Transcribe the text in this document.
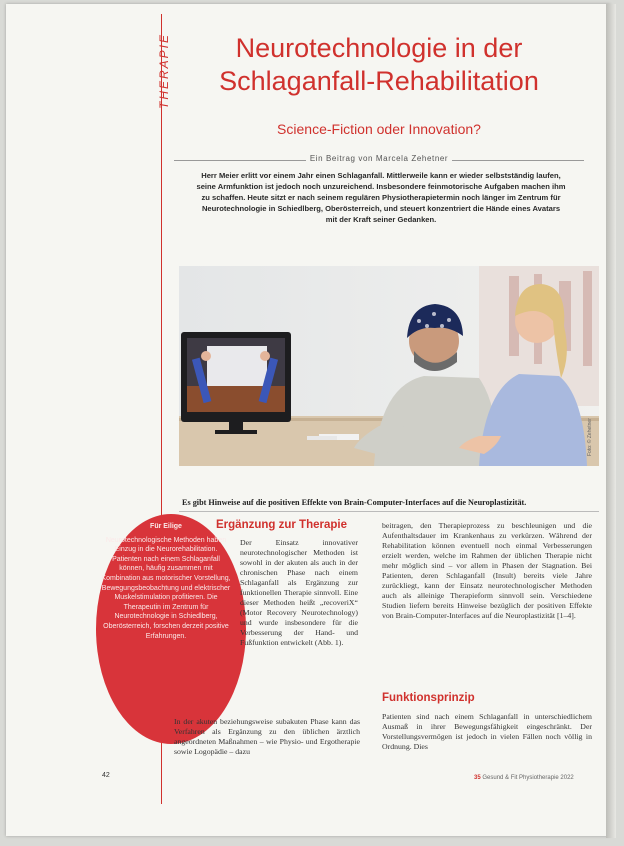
THERAPIE	Neurotechnologie in der
Schlaganfall-Rehabilitation
Science-Fiction oder Innovation?
Ein Beitrag von Marcela Zehetner
Herr Meier erlitt vor einem Jahr einen Schlaganfall. Mittlerweile kann er wieder selbstständig laufen, seine Armfunktion ist jedoch noch unzureichend. Insbesondere feinmotorische Aufgaben machen ihm zu schaffen. Heute sitzt er nach seinem regulären Physiotherapietermin noch länger im Zentrum für Neurotechnologie in Schiedlberg, Oberösterreich, und steuert konzentriert die Hände eines Avatars mit der Kraft seiner Gedanken.
Foto: © Zehetner
Es gibt Hinweise auf die positiven Effekte von Brain-Computer-Interfaces auf die Neuroplastizität.
Für Eilige
Neurotechnologische Methoden haben Einzug in die Neurorehabilitation. Patienten nach einem Schlaganfall können, häufig zusammen mit Kombination aus motorischer Vorstellung, Bewegungsbeobachtung und elektrischer Muskelstimulation profitieren. Die Therapeutin im Zentrum für Neurotechnologie in Schiedlberg, Oberösterreich, forschen derzeit positive Erfahrungen.
Ergänzung zur Therapie
Der Einsatz innovativer neurotechnologischer Methoden ist sowohl in der akuten als auch in der chronischen Phase nach einem Schlaganfall als Ergänzung zur funktionellen Therapie sinnvoll. Eine dieser Methoden heißt „recoveriX“ (Motor Recovery Neurotechnology) und wurde insbesondere für die Verbesserung der Hand- und Fußfunktion entwickelt (Abb. 1).
In der akuten beziehungsweise subakuten Phase kann das Verfahren als Ergänzung zu den üblichen ärztlich angeordneten Maßnahmen – wie Physio- und Ergotherapie sowie Logopädie – dazu
beitragen, den Therapieprozess zu beschleunigen und die Aufenthaltsdauer im Krankenhaus zu verkürzen. Während der Rehabilitation können eventuell noch einmal Verbesserungen erzielt werden, welche im Rahmen der üblichen Therapie nicht mehr möglich sind – vor allem in Phasen der Stagnation. Bei Patienten, deren Schlaganfall (Insult) bereits viele Jahre zurückliegt, kann der Einsatz neurotechnologischer Methoden auch als alleinige Therapieform sinnvoll sein. Verschiedene Studien liefern bereits Hinweise bezüglich der positiven Effekte von Brain-Computer-Interfaces auf die Neuroplastizität [1–4].
Funktionsprinzip
Patienten sind nach einem Schlaganfall in unterschiedlichem Ausmaß in ihrer Bewegungsfähigkeit eingeschränkt. Der Vorstellungsvermögen ist jedoch in vielen Fällen noch völlig in Ordnung. Dies
42	35 Gesund & Fit Physiotherapie 2022
